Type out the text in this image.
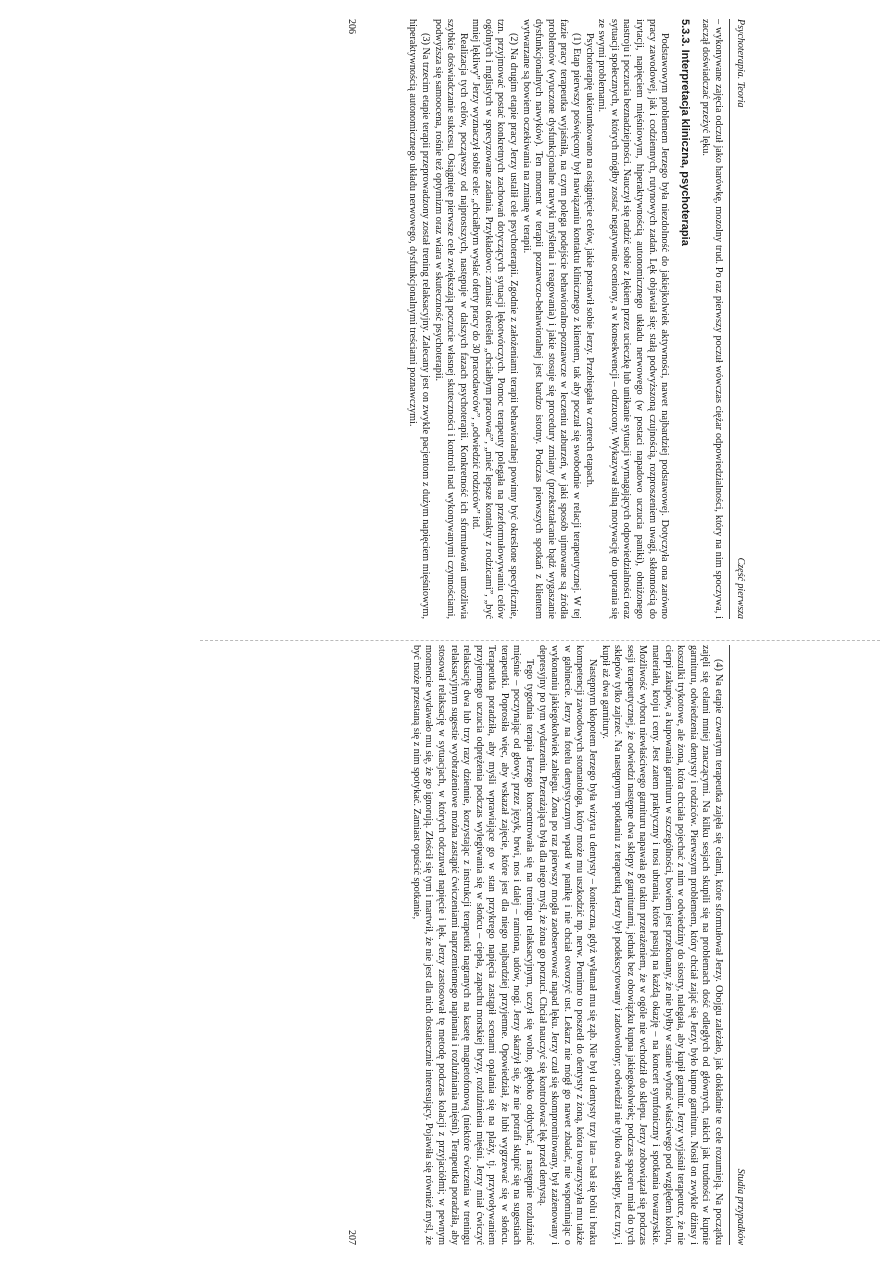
Psychoterapia. Teoria
Część pierwsza

– wykonywane zajęcia odczuł jako harówkę, mozolny trud. Po raz pierwszy poczuł wówczas ciężar odpowiedzialności, który na nim spoczywa, i zaczął doświadczać przeżyć lęku.

5.3.3. Interpretacja kliniczna, psychoterapia

Podstawowym problemem Jerzego była niezdolność do jakiejkolwiek aktywności, nawet najbardziej podstawowej. Dotyczyła ona zarówno pracy zawodowej, jak i codziennych, rutynowych zadań. Lęk objawiał się: stałą podwyższoną czujnością, rozproszeniem uwagi, skłonnością do irytacji, napięciem mięśniowym, hiperaktywnością autonomicznego układu nerwowego (w postaci napadowo uczucia paniki), obniżonego nastroju i poczucia beznadziejności. Nauczył się radzić sobie z lękiem przez ucieczkę lub unikanie sytuacji wymagających odpowiedzialności oraz sytuacji społecznych, w których mógłby zostać negatywnie oceniony, a w konsekwencji – odrzucony. Wykazywał silną motywację do uporania się ze swymi problemami.

Psychoterapię ukierunkowano na osiągnięcie celów, jakie postawił sobie Jerzy. Przebiegała w czterech etapach.

(1) Etap pierwszy poświęcony był nawiązaniu kontaktu klinicznego z klientem, tak aby poczuł się swobodnie w relacji terapeutycznej. W tej fazie pracy terapeutka wyjaśniła, na czym polega podejście behawioralno-poznawcze w leczeniu zaburzeń, w jaki sposób ujmowane są źródła problemów (wyuczone dysfunkcjonalne nawyki myślenia i reagowania) i jakie stosuje się procedury zmiany (przekształcanie bądź wygaszanie dysfunkcjonalnych nawyków). Ten moment w terapii poznawczo-behawioralnej jest bardzo istotny. Podczas pierwszych spotkań z klientem wytwarzane są bowiem oczekiwania na zmianę w terapii.

(2) Na drugim etapie pracy Jerzy ustalił cele psychoterapii. Zgodnie z założeniami terapii behawioralnej powinny być określone specyficznie, tzn. przyjmować postać konkretnych zachowań dotyczących sytuacji lękotwórczych. Pomoc terapeuty polegała na przeformułowywaniu celów ogólnych i mglistych w sprecyzowane zadania. Przykładowo: zamiast określeń „chciałbym pracować”, „mieć lepsze kontakty z rodzicami”, „być mniej lękliwy” Jerzy wyznaczył sobie cele: „chciałbym wysłać oferty pracy do 30 pracodawców”, „odwiedzić rodziców” itd.

Realizacja tych celów, począwszy od najprostszych, następuje w dalszych fazach psychoterapii. Konkretność ich sformułowań umożliwia szybkie doświadczanie sukcesu. Osiągnięte pierwsze cele zwiększają poczucie własnej skuteczności i kontroli nad wykonywanymi czynnościami, podwyższa się samoocena, rośnie też optymizm oraz wiara w skuteczność psychoterapii.

(3) Na trzecim etapie terapii przeprowadzony został trening relaksacyjny. Zalecany jest on zwykle pacjentom z dużym napięciem mięśniowym, hiperaktywnością autonomicznego układu nerwowego, dysfunkcjonalnymi treściami poznawczymi.

206
Studia przypadków

(4) Na etapie czwartym terapeutka zajęła się celami, które sformułował Jerzy. Obojgu zależało, jak dokładnie te cele rozumieją. Na początku zajęli się celami mniej znaczącymi. Na kilku sesjach skupili się na problemach dość odległych od głównych, takich jak trudności w kupnie garnituru, odwiedzenia dentysty i rodziców. Pierwszym problemem, który chciał zająć się Jerzy, było kupno garnituru. Nosił on zwykle dżinsy i koszulki trykotowe, ale żona, która chciała pojechać z nim w odwiedziny do siostry, nalegała, aby kupił garnitur. Jerzy wyjaśnił terapeutce, że nie cierpi zakupów, a kupowania garnituru w szczególności, bowiem jest przekonany, że nie byłby w stanie wybrać właściwego pod względem koloru, materiału, kroju i ceny. Jest zatem praktyczny i nosi ubrania, które pasują na każdą okazję – na koncert symfoniczny i spotkania towarzyskie. Możliwość wyboru niewłaściwego garnituru napawała go takim przerażeniem, że w ogóle nie wchodził do sklepu. Jerzy zobowiązał się podczas sesji terapeutycznej, że odwiedzi następne dwa sklepy z garniturami, jednak bez obowiązku kupna jakiegokolwiek; podczas spaceru miał do tych sklepów tylko zajrzeć. Na następnym spotkaniu z terapeutką Jerzy był podekscytowany i zadowolony; odwiedził nie tylko dwa sklepy, lecz trzy, i kupił aż dwa garnitury.

Następnym kłopotem Jerzego była wizyta u dentysty – konieczna, gdyż wyłamał mu się ząb. Nie był u dentysty trzy lata – bał się bólu i braku kompetencji zawodowych stomatologa, który może mu uszkodzić np. nerw. Pomimo to poszedł do dentysty z żoną, która towarzyszyła mu także w gabinecie. Jerzy na fotelu dentystycznym wpadł w panikę i nie chciał otworzyć ust. Lekarz nie mógł go nawet zbadać, nie wspominając o wykonaniu jakiegokolwiek zabiegu. Żona po raz pierwszy mogła zaobserwować napad lęku. Jerzy czuł się skompromitowany, był zażenowany i depresyjny po tym wydarzeniu. Przerażająca była dla niego myśl, że żona go porzuci. Chciał nauczyć się kontrolować lęk przed dentystą.

Tego tygodnia terapia Jerzego koncentrowała się na treningu relaksacyjnym, uczył się wolno, głęboko oddychać, a następnie rozluźniać mięśnie – poczynając od głowy, przez język, brwi, nos i dalej – ramiona, udów, nogi. Jerzy skarżył się, że nie potrafi skupić się na sugestiach terapeutki. Poprosiła więc, aby wskazał zajęcie, które jest dla niego najbardziej przyjemne. Opowiedział, że lubi wygrzewać się w słońcu. Terapeutka poradziła, aby myśli wprawiające go w stan przykrego napięcia zastąpił scenami opalania się na plaży, tj. przywoływaniem przyjemnego uczucia odprężenia podczas wylegiwania się w słońcu – ciepła, zapachu morskiej bryzy, rozluźnienia mięśni. Jerzy miał ćwiczyć relaksację dwa lub trzy razy dziennie, korzystając z instrukcji terapeutki nagranych na kasetę magnetofonową (niektóre ćwiczenia w treningu relaksacyjnym sugestie wyobrażeniowe można zastąpić ćwiczeniami naprzemiennego napinania i rozluźniania mięśni). Terapeutka poradziła, aby stosował relaksację w sytuacjach, w których odczuwał napięcie i lęk. Jerzy zastosował tę metodę podczas kolacji z przyjaciółmi; w pewnym momencie wydawało mu się, że go ignorują. Złościł się tym i martwił, że nie jest dla nich dostatecznie interesujący. Pojawiła się również myśl, że być może przestaną się z nim spotykać. Zamiast opuścić spotkanie,

207
